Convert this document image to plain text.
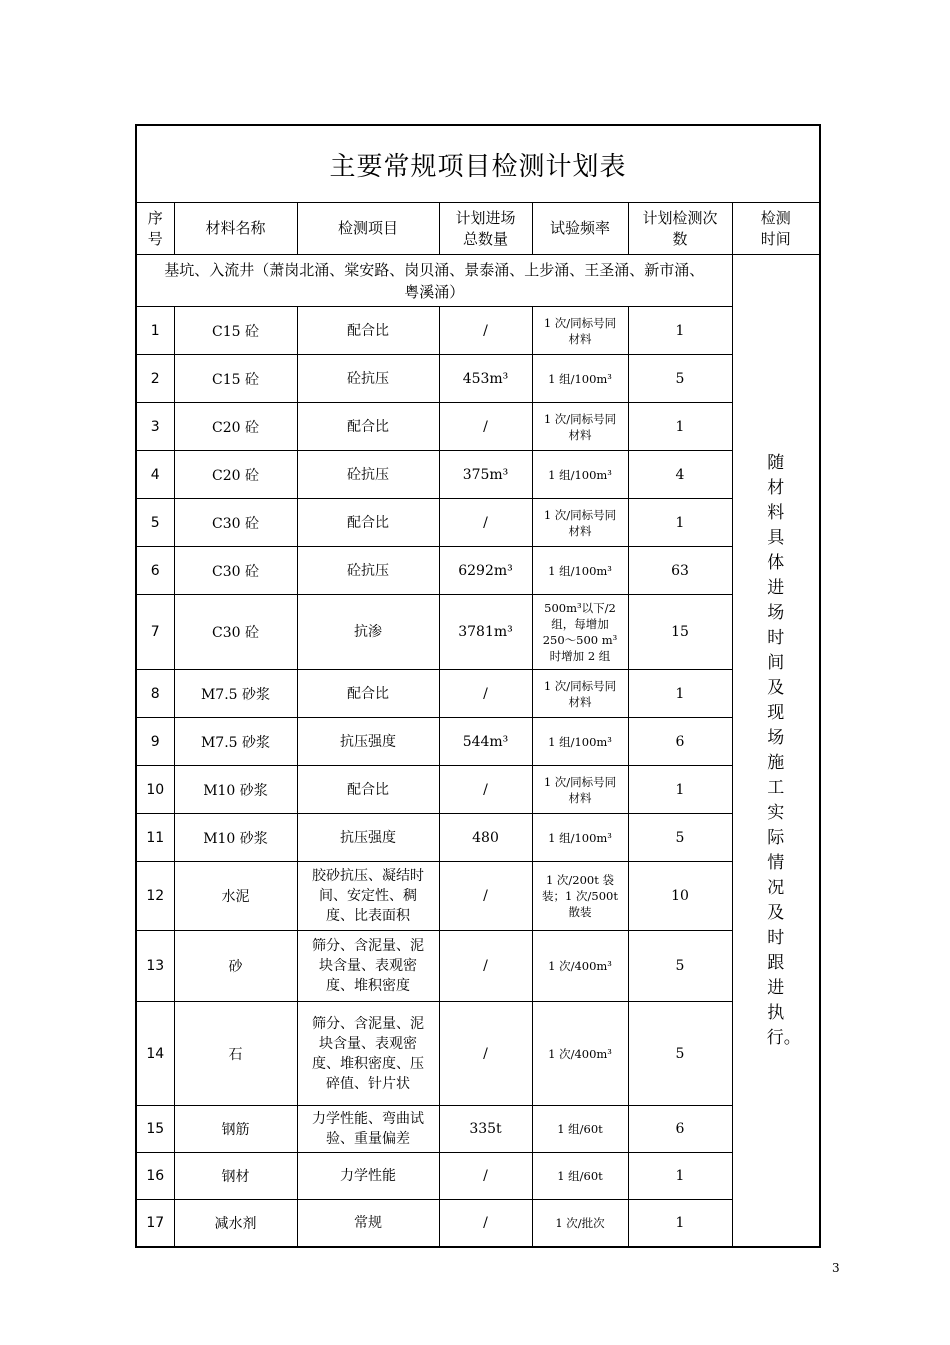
主要常规项目检测计划表						
序号	材料名称	检测项目	计划进场总数量	试验频率	计划检测次数	检测时间
基坑、入流井（萧岗北涌、棠安路、岗贝涌、景泰涌、上步涌、王圣涌、新市涌、粤溪涌）						随材料具体进场时间及现场施工实际情况及时跟进执行。

1	C15 砼	配合比	/	1 次/同标号同材料	1	
2	C15 砼	砼抗压	453m³	1 组/100m³	5	
3	C20 砼	配合比	/	1 次/同标号同材料	1	
4	C20 砼	砼抗压	375m³	1 组/100m³	4	
5	C30 砼	配合比	/	1 次/同标号同材料	1	
6	C30 砼	砼抗压	6292m³	1 组/100m³	63	
7	C30 砼	抗渗	3781m³	500m³以下/2组，每增加250～500 m³时增加 2 组	15	
8	M7.5 砂浆	配合比	/	1 次/同标号同材料	1	
9	M7.5 砂浆	抗压强度	544m³	1 组/100m³	6	
10	M10 砂浆	配合比	/	1 次/同标号同材料	1	
11	M10 砂浆	抗压强度	480	1 组/100m³	5	
12	水泥	胶砂抗压、凝结时间、安定性、稠度、比表面积	/	1 次/200t 袋装；1 次/500t 散装	10	
13	砂	筛分、含泥量、泥块含量、表观密度、堆积密度	/	1 次/400m³	5	
14	石	筛分、含泥量、泥块含量、表观密度、堆积密度、压碎值、针片状	/	1 次/400m³	5	
15	钢筋	力学性能、弯曲试验、重量偏差	335t	1 组/60t	6	
16	钢材	力学性能	/	1 组/60t	1	
17	减水剂	常规	/	1 次/批次	1	
3
